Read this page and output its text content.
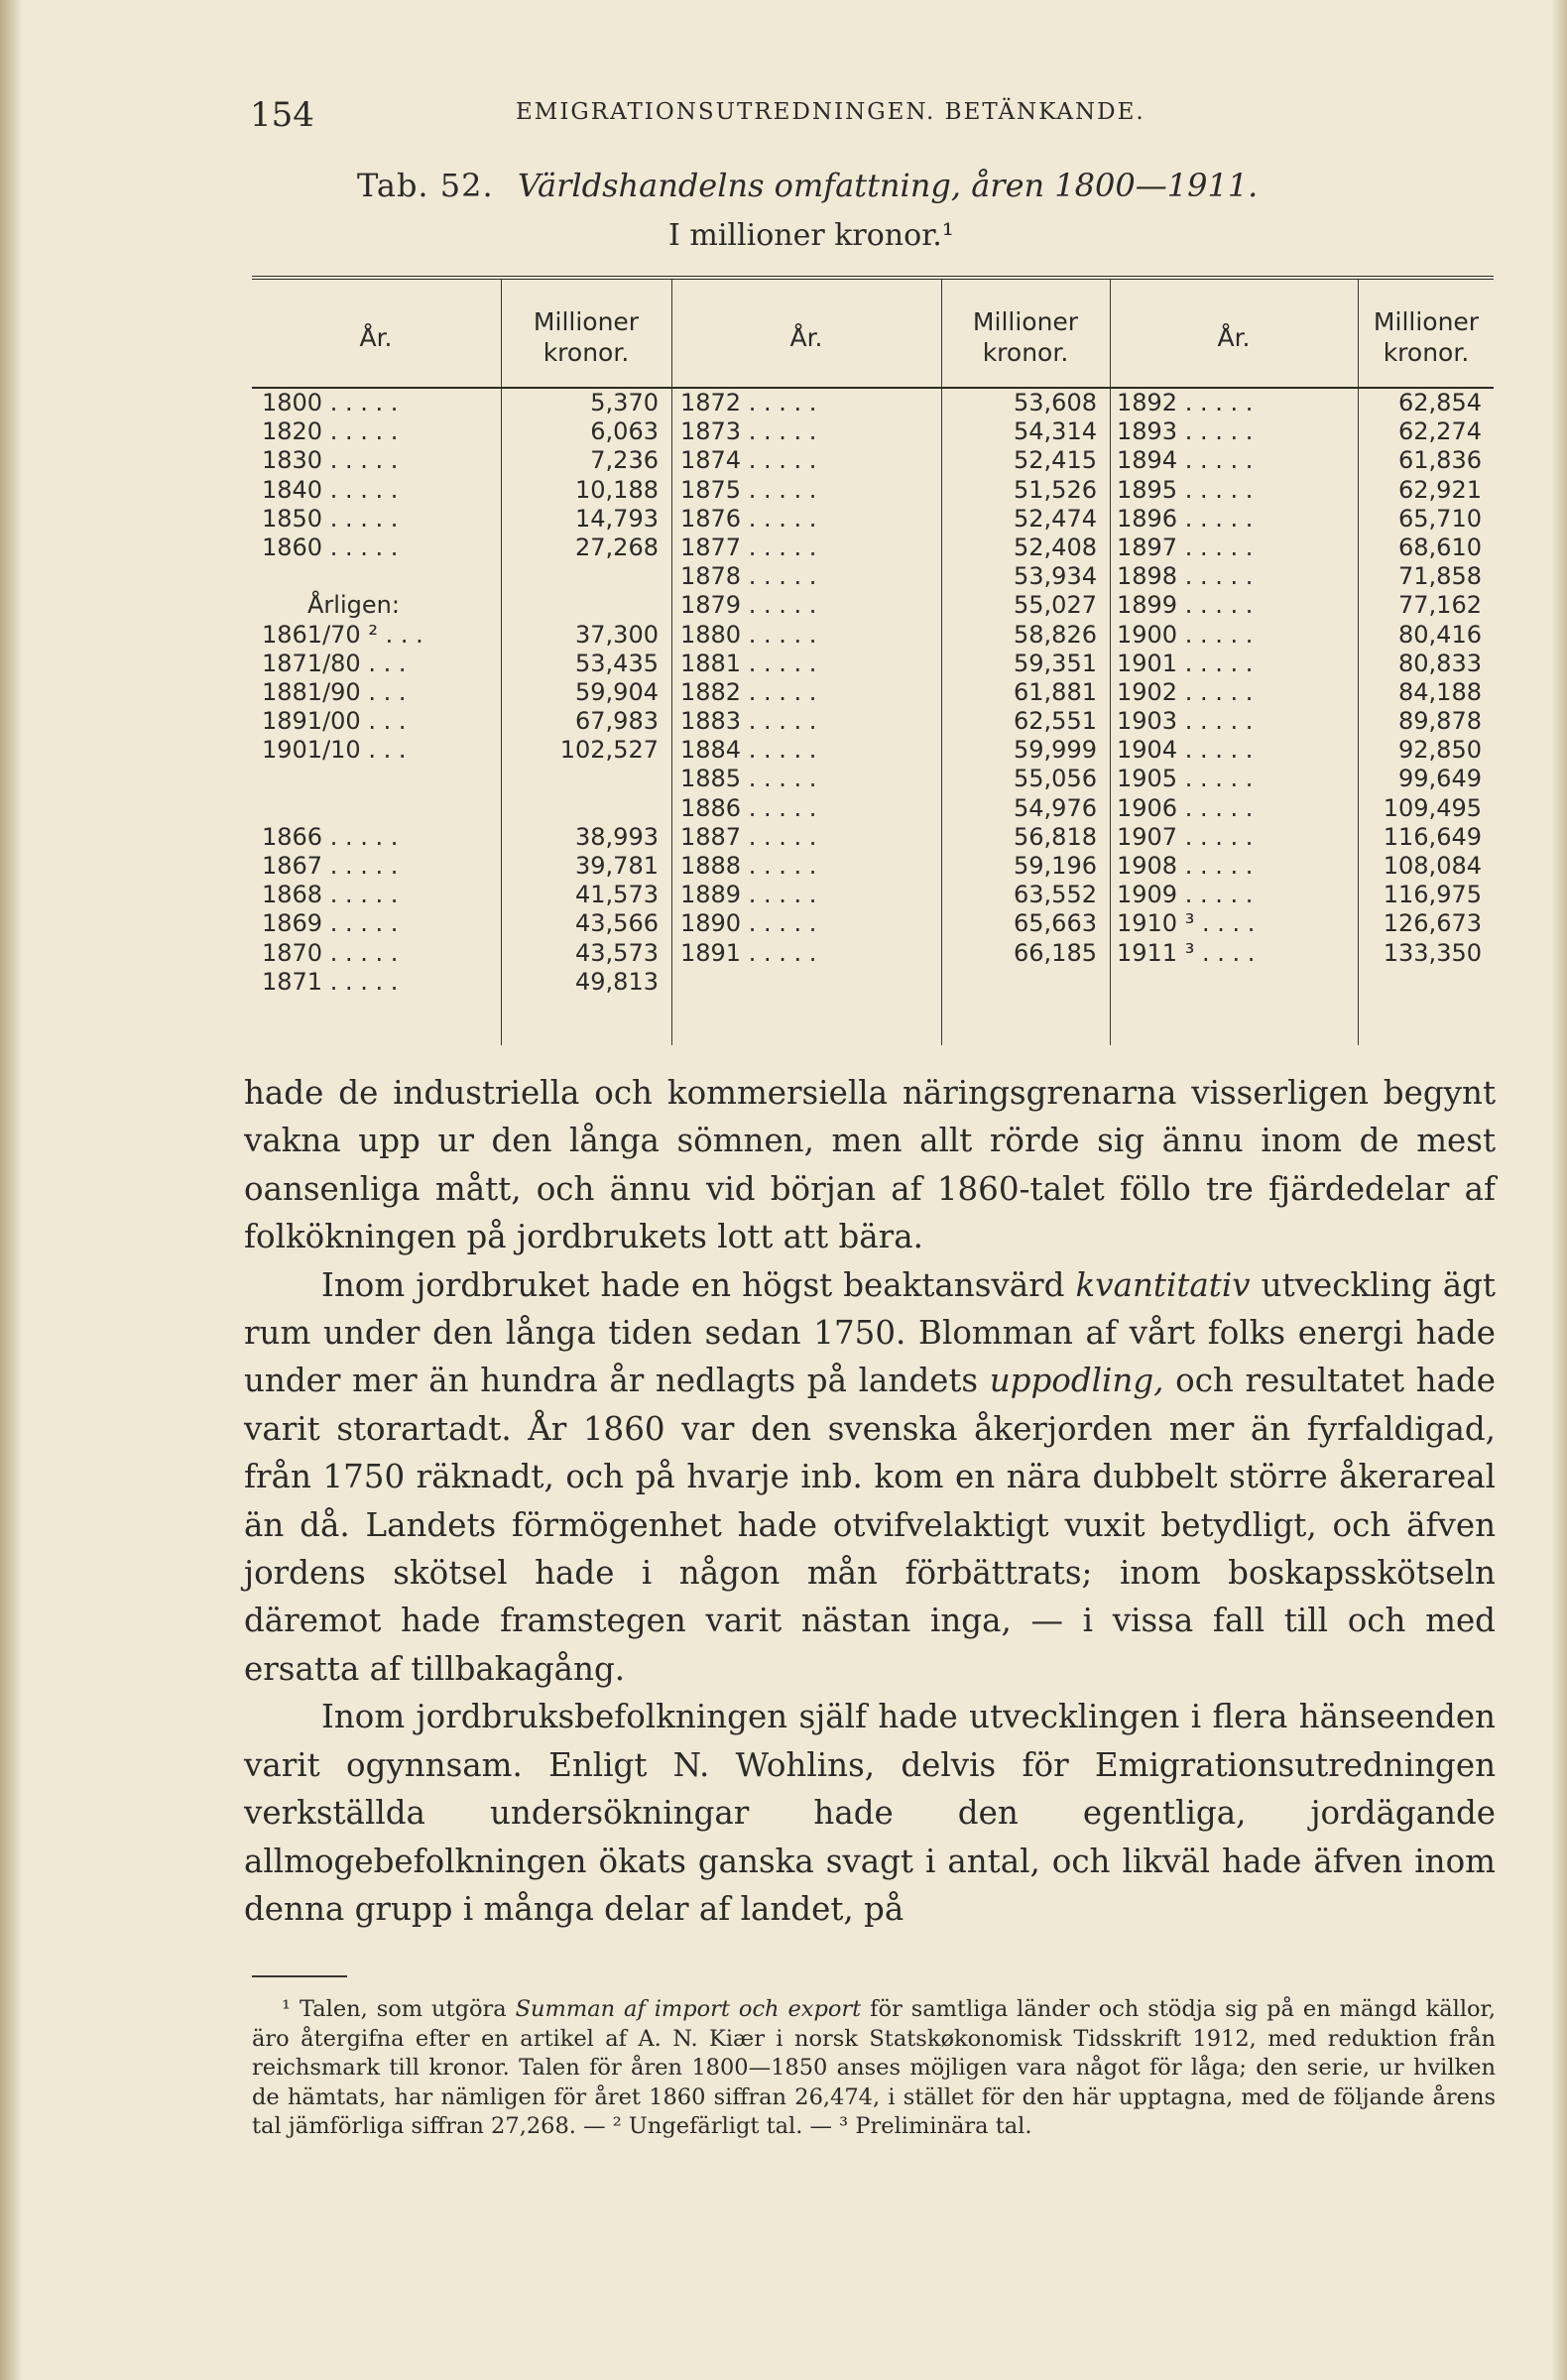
154	EMIGRATIONSUTREDNINGEN. BETÄNKANDE.
Tab. 52. Världshandelns omfattning, åren 1800—1911.
I millioner kronor.¹
År.
Millioner kronor.
År.
Millioner kronor.
År.
Millioner kronor.
1800 . . . . .
1820 . . . . .
1830 . . . . .
1840 . . . . .
1850 . . . . .
1860 . . . . .
Årligen:
1861/70 ² . . .
1871/80 . . .
1881/90 . . .
1891/00 . . .
1901/10 . . .
1866 . . . . .
1867 . . . . .
1868 . . . . .
1869 . . . . .
1870 . . . . .
1871 . . . . .
5,370
6,063
7,236
10,188
14,793
27,268
37,300
53,435
59,904
67,983
102,527
38,993
39,781
41,573
43,566
43,573
49,813
1872 . . . . .
1873 . . . . .
1874 . . . . .
1875 . . . . .
1876 . . . . .
1877 . . . . .
1878 . . . . .
1879 . . . . .
1880 . . . . .
1881 . . . . .
1882 . . . . .
1883 . . . . .
1884 . . . . .
1885 . . . . .
1886 . . . . .
1887 . . . . .
1888 . . . . .
1889 . . . . .
1890 . . . . .
1891 . . . . .
53,608
54,314
52,415
51,526
52,474
52,408
53,934
55,027
58,826
59,351
61,881
62,551
59,999
55,056
54,976
56,818
59,196
63,552
65,663
66,185
1892 . . . . .
1893 . . . . .
1894 . . . . .
1895 . . . . .
1896 . . . . .
1897 . . . . .
1898 . . . . .
1899 . . . . .
1900 . . . . .
1901 . . . . .
1902 . . . . .
1903 . . . . .
1904 . . . . .
1905 . . . . .
1906 . . . . .
1907 . . . . .
1908 . . . . .
1909 . . . . .
1910 ³ . . . .
1911 ³ . . . .
62,854
62,274
61,836
62,921
65,710
68,610
71,858
77,162
80,416
80,833
84,188
89,878
92,850
99,649
109,495
116,649
108,084
116,975
126,673
133,350

hade de industriella och kommersiella näringsgrenarna visserligen begynt vakna upp ur den långa sömnen, men allt rörde sig ännu inom de mest oansenliga mått, och ännu vid början af 1860-talet föllo tre fjärdedelar af folkökningen på jordbrukets lott att bära.

Inom jordbruket hade en högst beaktansvärd kvantitativ utveckling ägt rum under den långa tiden sedan 1750. Blomman af vårt folks energi hade under mer än hundra år nedlagts på landets uppodling, och resultatet hade varit storartadt. År 1860 var den svenska åkerjorden mer än fyrfaldigad, från 1750 räknadt, och på hvarje inb. kom en nära dubbelt större åkerareal än då. Landets förmögenhet hade otvifvelaktigt vuxit betydligt, och äfven jordens skötsel hade i någon mån förbättrats; inom boskapsskötseln däremot hade framstegen varit nästan inga, — i vissa fall till och med ersatta af tillbakagång.

Inom jordbruksbefolkningen själf hade utvecklingen i flera hänseenden varit ogynnsam. Enligt N. Wohlins, delvis för Emigrationsutredningen verkställda undersökningar hade den egentliga, jordägande allmogebefolkningen ökats ganska svagt i antal, och likväl hade äfven inom denna grupp i många delar af landet, på

¹ Talen, som utgöra Summan af import och export för samtliga länder och stödja sig på en mängd källor, äro återgifna efter en artikel af A. N. Kiær i norsk Statskøkonomisk Tidsskrift 1912, med reduktion från reichsmark till kronor. Talen för åren 1800—1850 anses möjligen vara något för låga; den serie, ur hvilken de hämtats, har nämligen för året 1860 siffran 26,474, i stället för den här upptagna, med de följande årens tal jämförliga siffran 27,268. — ² Ungefärligt tal. — ³ Preliminära tal.
